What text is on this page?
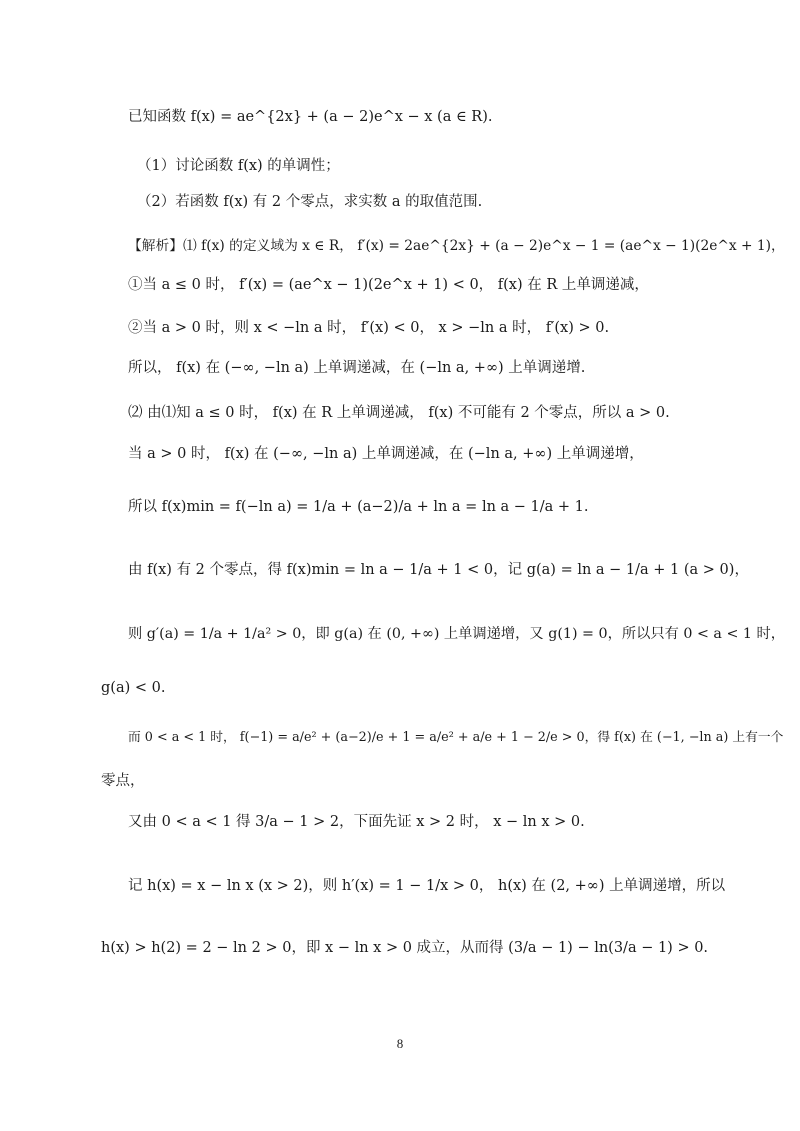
已知函数 f(x) = ae^{2x} + (a − 2)e^x − x (a ∈ R).
（1）讨论函数 f(x) 的单调性；
（2）若函数 f(x) 有 2 个零点，求实数 a 的取值范围.
【解析】⑴ f(x) 的定义域为 x ∈ R， f′(x) = 2ae^{2x} + (a − 2)e^x − 1 = (ae^x − 1)(2e^x + 1)，
①当 a ≤ 0 时， f′(x) = (ae^x − 1)(2e^x + 1) < 0， f(x) 在 R 上单调递减，
②当 a > 0 时，则 x < −ln a 时， f′(x) < 0， x > −ln a 时， f′(x) > 0.
所以， f(x) 在 (−∞, −ln a) 上单调递减，在 (−ln a, +∞) 上单调递增.
⑵ 由⑴知 a ≤ 0 时， f(x) 在 R 上单调递减， f(x) 不可能有 2 个零点，所以 a > 0.
当 a > 0 时， f(x) 在 (−∞, −ln a) 上单调递减，在 (−ln a, +∞) 上单调递增，
所以 f(x)min = f(−ln a) = 1/a + (a−2)/a + ln a = ln a − 1/a + 1.
由 f(x) 有 2 个零点，得 f(x)min = ln a − 1/a + 1 < 0，记 g(a) = ln a − 1/a + 1 (a > 0)，
则 g′(a) = 1/a + 1/a² > 0，即 g(a) 在 (0, +∞) 上单调递增，又 g(1) = 0，所以只有 0 < a < 1 时，
g(a) < 0.
而 0 < a < 1 时， f(−1) = a/e² + (a−2)/e + 1 = a/e² + a/e + 1 − 2/e > 0，得 f(x) 在 (−1, −ln a) 上有一个
零点，
又由 0 < a < 1 得 3/a − 1 > 2，下面先证 x > 2 时， x − ln x > 0.
记 h(x) = x − ln x (x > 2)，则 h′(x) = 1 − 1/x > 0， h(x) 在 (2, +∞) 上单调递增，所以
h(x) > h(2) = 2 − ln 2 > 0，即 x − ln x > 0 成立，从而得 (3/a − 1) − ln(3/a − 1) > 0.
8
